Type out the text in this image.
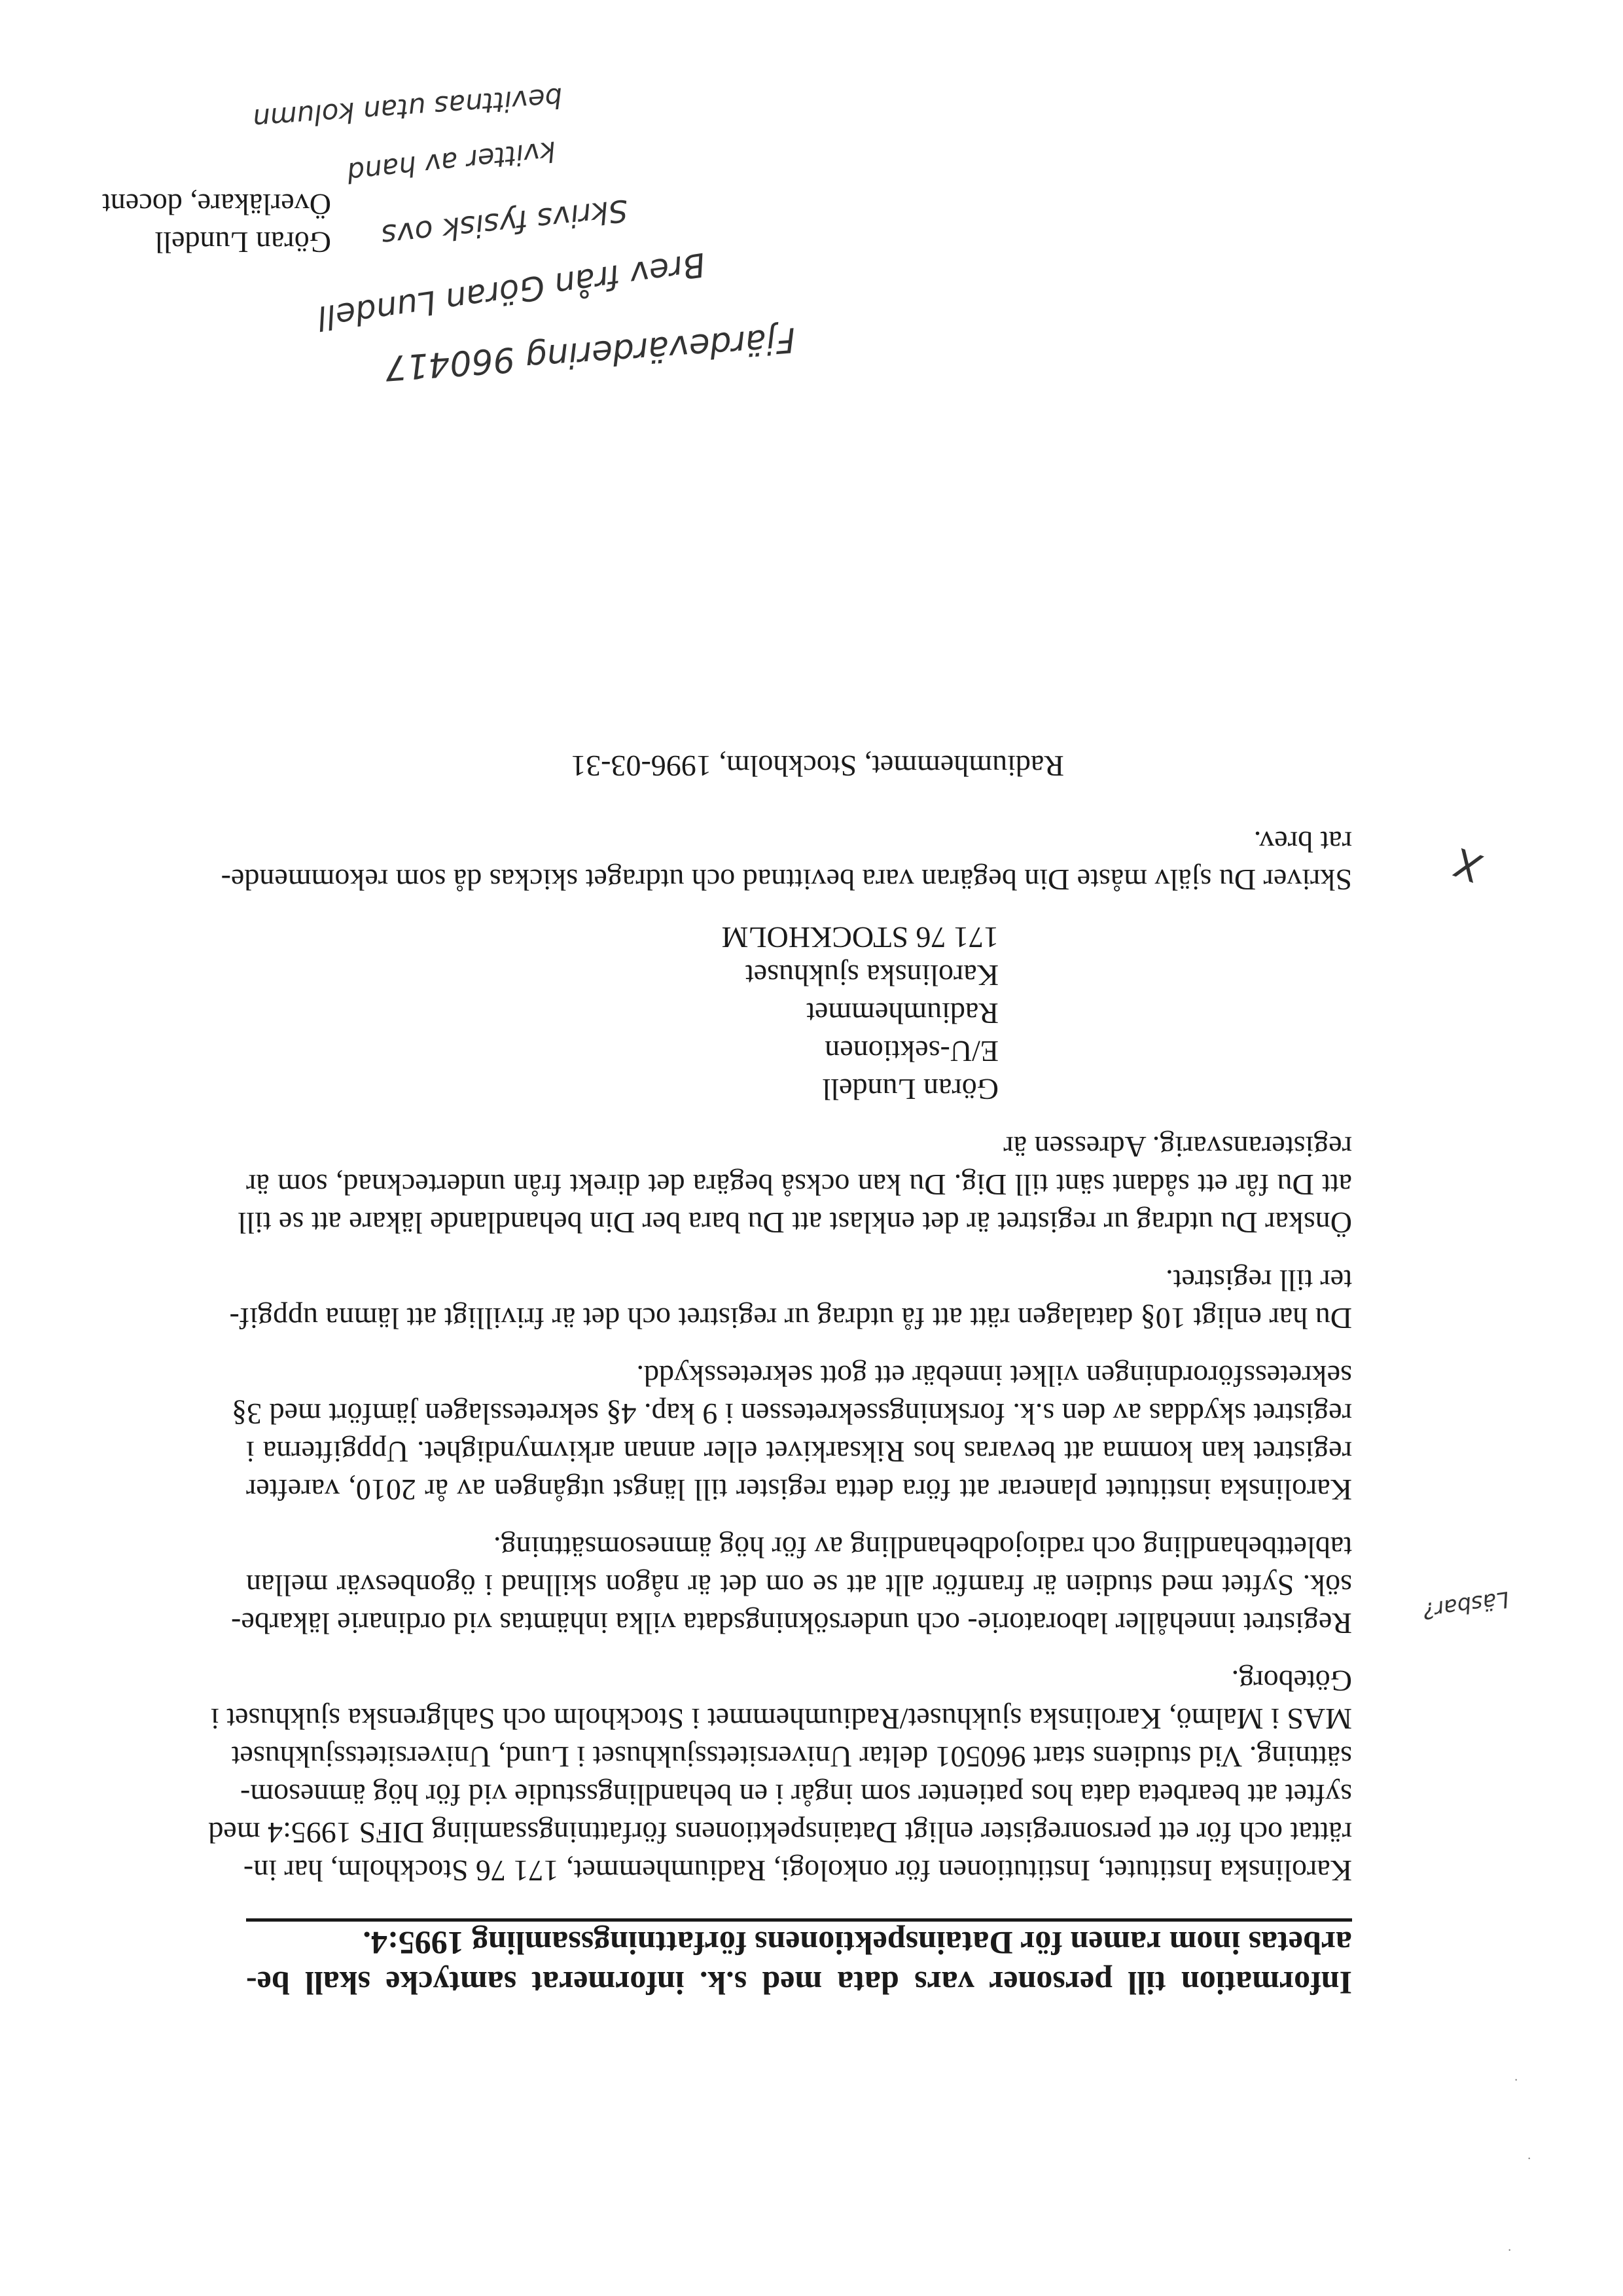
Information till personer vars data med s.k. informerat samtycke skall be-
arbetas inom ramen för Datainspektionens författningssamling 1995:4.
Karolinska Institutet, Institutionen för onkologi, Radiumhemmet, 171 76 Stockholm, har in-
rättat och för ett personregister enligt Datainspektionens författningssamling DIFS 1995:4 med
syftet att bearbeta data hos patienter som ingår i en behandlingsstudie vid för hög ämnesom-
sättning. Vid studiens start 960501 deltar Universitetssjukhuset i Lund, Universitetssjukhuset
MAS i Malmö, Karolinska sjukhuset/Radiumhemmet i Stockholm och Sahlgrenska sjukhuset i
Göteborg.
Registret innehåller laboratorie- och undersökningsdata vilka inhämtas vid ordinarie läkarbe-
sök. Syftet med studien är framför allt att se om det är någon skillnad i ögonbesvär mellan
tablettbehandling och radiojodbehandling av för hög ämnesomsättning.
Karolinska institutet planerar att föra detta register till längst utgången av år 2010, varefter
registret kan komma att bevaras hos Riksarkivet eller annan arkivmyndighet. Uppgifterna i
registret skyddas av den s.k. forskningssekretessen i 9 kap. 4§ sekretesslagen jämfört med 3§
sekretessförordningen vilket innebär ett gott sekretesskydd.
Du har enligt 10§ datalagen rätt att få utdrag ur registret och det är frivilligt att lämna uppgif-
ter till registret.
Önskar Du utdrag ur registret är det enklast att Du bara ber Din behandlande läkare att se till
att Du får ett sådant sänt till Dig. Du kan också begära det direkt från undertecknad, som är
registeransvarig. Adressen är
Göran Lundell
E/U-sektionen
Radiumhemmet
Karolinska sjukhuset
171 76 STOCKHOLM
Skriver Du själv måste Din begäran vara bevittnad och utdraget skickas då som rekommende-
rat brev.
Radiumhemmet, Stockholm, 1996-03-31
Göran Lundell
Överläkare, docent
Läsbar?
X
Fjärdevärdering 960417
Brev från Göran Lundell
Skrivs fysisk ovs
kvitter av hand
bevittnas utan kolumn
·
·
·
